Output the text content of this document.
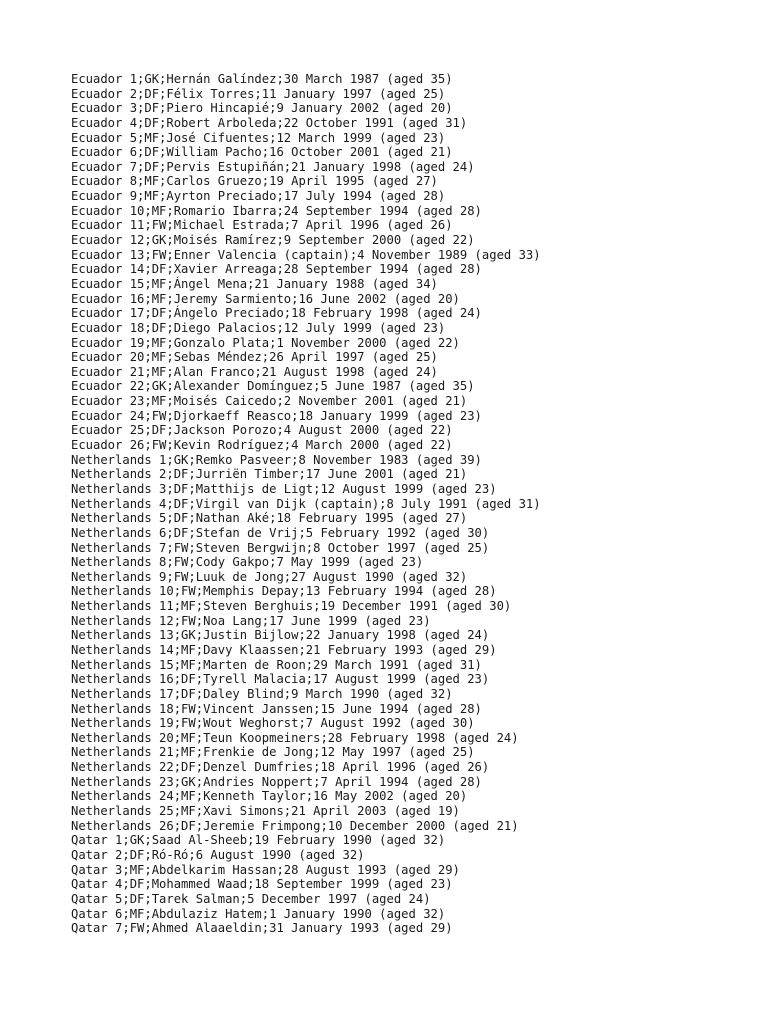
Ecuador 1;GK;Hernán Galíndez;30 March 1987 (aged 35)
Ecuador 2;DF;Félix Torres;11 January 1997 (aged 25)
Ecuador 3;DF;Piero Hincapié;9 January 2002 (aged 20)
Ecuador 4;DF;Robert Arboleda;22 October 1991 (aged 31)
Ecuador 5;MF;José Cifuentes;12 March 1999 (aged 23)
Ecuador 6;DF;William Pacho;16 October 2001 (aged 21)
Ecuador 7;DF;Pervis Estupiñán;21 January 1998 (aged 24)
Ecuador 8;MF;Carlos Gruezo;19 April 1995 (aged 27)
Ecuador 9;MF;Ayrton Preciado;17 July 1994 (aged 28)
Ecuador 10;MF;Romario Ibarra;24 September 1994 (aged 28)
Ecuador 11;FW;Michael Estrada;7 April 1996 (aged 26)
Ecuador 12;GK;Moisés Ramírez;9 September 2000 (aged 22)
Ecuador 13;FW;Enner Valencia (captain);4 November 1989 (aged 33)
Ecuador 14;DF;Xavier Arreaga;28 September 1994 (aged 28)
Ecuador 15;MF;Ángel Mena;21 January 1988 (aged 34)
Ecuador 16;MF;Jeremy Sarmiento;16 June 2002 (aged 20)
Ecuador 17;DF;Ángelo Preciado;18 February 1998 (aged 24)
Ecuador 18;DF;Diego Palacios;12 July 1999 (aged 23)
Ecuador 19;MF;Gonzalo Plata;1 November 2000 (aged 22)
Ecuador 20;MF;Sebas Méndez;26 April 1997 (aged 25)
Ecuador 21;MF;Alan Franco;21 August 1998 (aged 24)
Ecuador 22;GK;Alexander Domínguez;5 June 1987 (aged 35)
Ecuador 23;MF;Moisés Caicedo;2 November 2001 (aged 21)
Ecuador 24;FW;Djorkaeff Reasco;18 January 1999 (aged 23)
Ecuador 25;DF;Jackson Porozo;4 August 2000 (aged 22)
Ecuador 26;FW;Kevin Rodríguez;4 March 2000 (aged 22)
Netherlands 1;GK;Remko Pasveer;8 November 1983 (aged 39)
Netherlands 2;DF;Jurriën Timber;17 June 2001 (aged 21)
Netherlands 3;DF;Matthijs de Ligt;12 August 1999 (aged 23)
Netherlands 4;DF;Virgil van Dijk (captain);8 July 1991 (aged 31)
Netherlands 5;DF;Nathan Aké;18 February 1995 (aged 27)
Netherlands 6;DF;Stefan de Vrij;5 February 1992 (aged 30)
Netherlands 7;FW;Steven Bergwijn;8 October 1997 (aged 25)
Netherlands 8;FW;Cody Gakpo;7 May 1999 (aged 23)
Netherlands 9;FW;Luuk de Jong;27 August 1990 (aged 32)
Netherlands 10;FW;Memphis Depay;13 February 1994 (aged 28)
Netherlands 11;MF;Steven Berghuis;19 December 1991 (aged 30)
Netherlands 12;FW;Noa Lang;17 June 1999 (aged 23)
Netherlands 13;GK;Justin Bijlow;22 January 1998 (aged 24)
Netherlands 14;MF;Davy Klaassen;21 February 1993 (aged 29)
Netherlands 15;MF;Marten de Roon;29 March 1991 (aged 31)
Netherlands 16;DF;Tyrell Malacia;17 August 1999 (aged 23)
Netherlands 17;DF;Daley Blind;9 March 1990 (aged 32)
Netherlands 18;FW;Vincent Janssen;15 June 1994 (aged 28)
Netherlands 19;FW;Wout Weghorst;7 August 1992 (aged 30)
Netherlands 20;MF;Teun Koopmeiners;28 February 1998 (aged 24)
Netherlands 21;MF;Frenkie de Jong;12 May 1997 (aged 25)
Netherlands 22;DF;Denzel Dumfries;18 April 1996 (aged 26)
Netherlands 23;GK;Andries Noppert;7 April 1994 (aged 28)
Netherlands 24;MF;Kenneth Taylor;16 May 2002 (aged 20)
Netherlands 25;MF;Xavi Simons;21 April 2003 (aged 19)
Netherlands 26;DF;Jeremie Frimpong;10 December 2000 (aged 21)
Qatar 1;GK;Saad Al-Sheeb;19 February 1990 (aged 32)
Qatar 2;DF;Ró-Ró;6 August 1990 (aged 32)
Qatar 3;MF;Abdelkarim Hassan;28 August 1993 (aged 29)
Qatar 4;DF;Mohammed Waad;18 September 1999 (aged 23)
Qatar 5;DF;Tarek Salman;5 December 1997 (aged 24)
Qatar 6;MF;Abdulaziz Hatem;1 January 1990 (aged 32)
Qatar 7;FW;Ahmed Alaaeldin;31 January 1993 (aged 29)
